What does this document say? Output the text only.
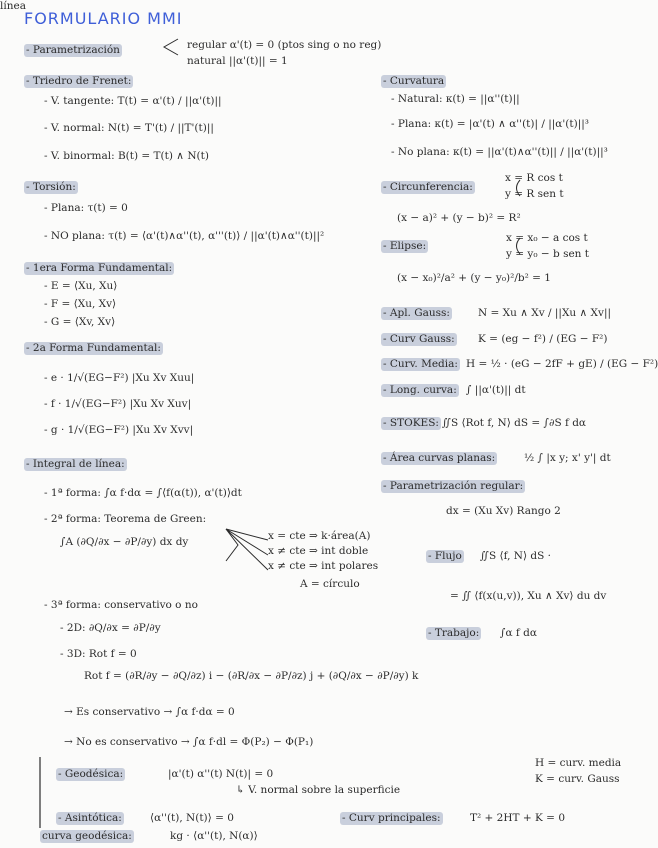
FORMULARIO MMI
- Parametrización	regular α'(t) = 0 (ptos sing o no reg)
natural ||α'(t)|| = 1
- Triedro de Frenet:
- V. tangente: T(t) = α'(t) / ||α'(t)||
- V. normal: N(t) = T'(t) / ||T'(t)||
- V. binormal: B(t) = T(t) ∧ N(t)
- Torsión:
- Plana: τ(t) = 0
- NO plana: τ(t) = ⟨α'(t)∧α''(t), α'''(t)⟩ / ||α'(t)∧α''(t)||²
- 1era Forma Fundamental:
- E = ⟨Xu, Xu⟩
- F = ⟨Xu, Xv⟩
- G = ⟨Xv, Xv⟩
- 2a Forma Fundamental:
- e · 1/√(EG−F²) |Xu Xv Xuu|
- f · 1/√(EG−F²) |Xu Xv Xuv|
- g · 1/√(EG−F²) |Xu Xv Xvv|
- Integral de línea:
- 1ª forma: ∫α f·dα = ∫⟨f(α(t)), α'(t)⟩dt
- 2ª forma: Teorema de Green:
∫A (∂Q/∂x − ∂P/∂y) dx dy	x = cte ⇒ k·área(A)
x ≠ cte ⇒ int doble
x ≠ cte ⇒ int polares
A = círculo
- 3ª forma: conservativo o no
- 2D: ∂Q/∂x = ∂P/∂y
- 3D: Rot f = 0
Rot f = (∂R/∂y − ∂Q/∂z) i − (∂R/∂x − ∂P/∂z) j + (∂Q/∂x − ∂P/∂y) k
→ Es conservativo → ∫α f·dα = 0
→ No es conservativo → ∫α f·dl = Φ(P₂) − Φ(P₁)
- Curvatura
- Natural: κ(t) = ||α''(t)||
- Plana: κ(t) = |α'(t) ∧ α''(t)| / ||α'(t)||³
- No plana: κ(t) = ||α'(t)∧α''(t)|| / ||α'(t)||³
- Circunferencia:
x = R cos t
y = R sen t
(x − a)² + (y − b)² = R²
- Elipse:
x = x₀ − a cos t
y = y₀ − b sen t
(x − x₀)²/a² + (y − y₀)²/b² = 1
- Apl. Gauss:	N = Xu ∧ Xv / ||Xu ∧ Xv||
- Curv Gauss: K = (eg − f²) / (EG − F²)
- Curv. Media: H = ½ · (eG − 2fF + gE) / (EG − F²)
- Long. curva: ∫ ||α'(t)|| dt
- STOKES: ∬S ⟨Rot f, N⟩ dS = ∫∂S f dα
- Área curvas planas:	½ ∫ |x y; x' y'| dt
- Parametrización regular:
dx = (Xu Xv) Rango 2
- Flujo ∬S ⟨f, N⟩ dS ·
= ∬ ⟨f(x(u,v)), Xu ∧ Xv⟩ du dv
- Trabajo: ∫α f dα
- Geodésica:	|α'(t) α''(t) N(t)| = 0
↳ V. normal sobre la superficie
H = curv. media
K = curv. Gauss
- Asintótica:	⟨α''(t), N(t)⟩ = 0
curva geodésica:	kg · ⟨α''(t), N(α)⟩
- Curv principales:	T² + 2HT + K = 0
línea
